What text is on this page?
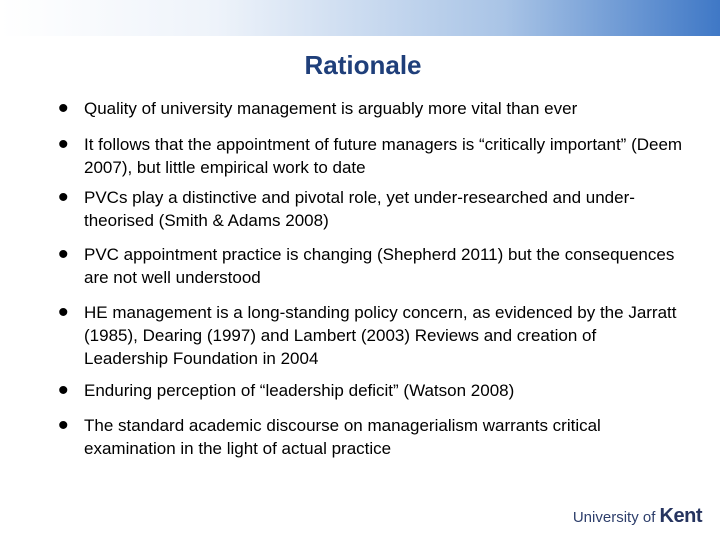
Rationale
• Quality of university management is arguably more vital than ever
• It follows that the appointment of future managers is “critically important” (Deem 2007), but little empirical work to date
• PVCs play a distinctive and pivotal role, yet under-researched and under-theorised (Smith & Adams 2008)
• PVC appointment practice is changing (Shepherd 2011) but the consequences are not well understood
• HE management is a long-standing policy concern, as evidenced by the Jarratt (1985), Dearing (1997) and Lambert (2003) Reviews and creation of Leadership Foundation in 2004
• Enduring perception of “leadership deficit” (Watson 2008)
• The standard academic discourse on managerialism warrants critical examination in the light of actual practice
University of Kent
